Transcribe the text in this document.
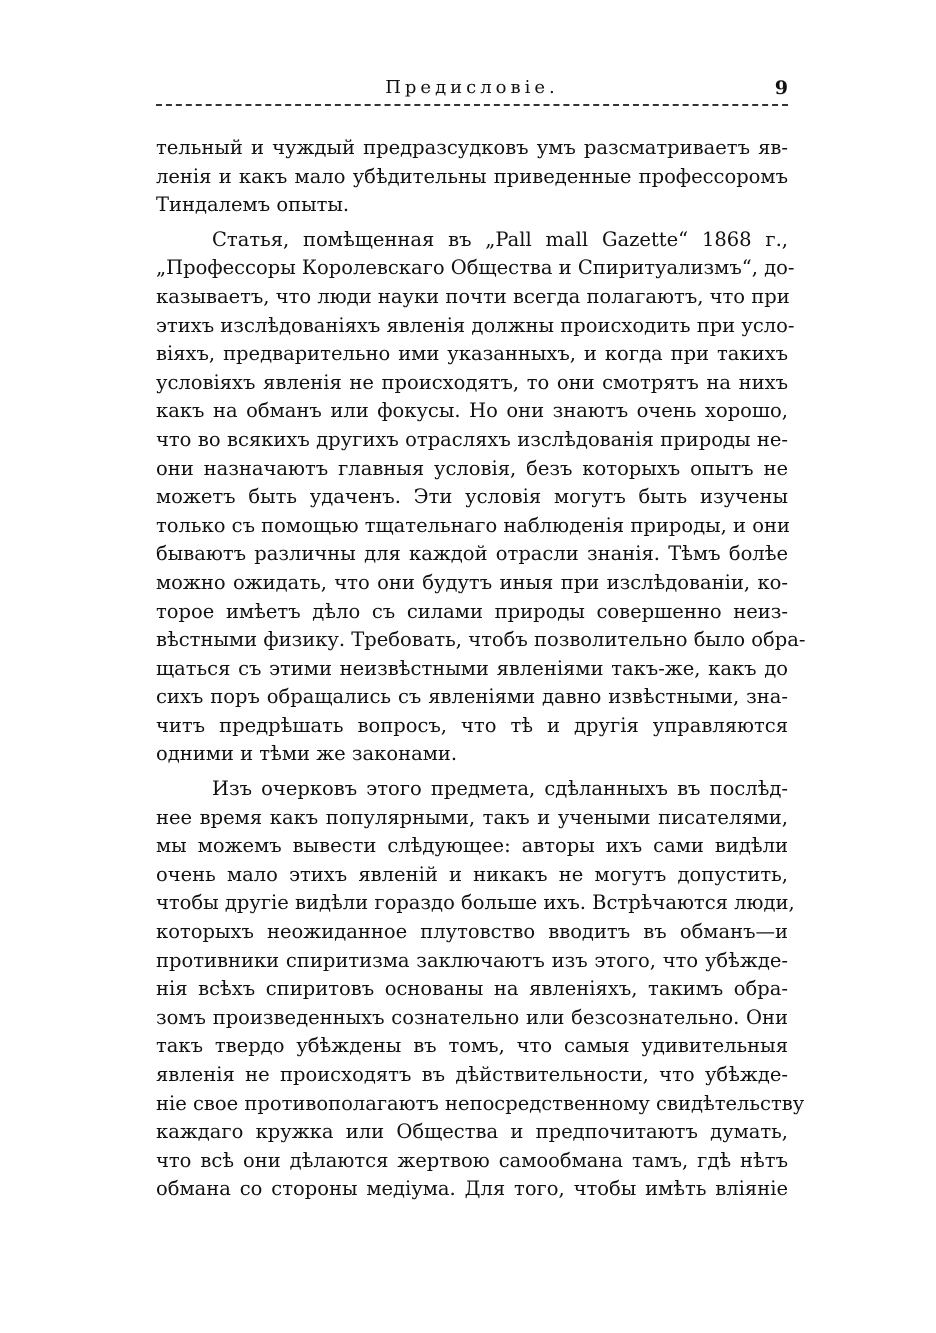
Предисловіе.	9
тельный и чуждый предразсудковъ умъ разсматриваетъ яв-
ленія и какъ мало убѣдительны приведенные профессоромъ
Тиндалемъ опыты.
Статья, помѣщенная въ „Pall mall Gazette“ 1868 г.,
„Профессоры Королевскаго Общества и Спиритуализмъ“, до-
казываетъ, что люди науки почти всегда полагаютъ, что при
этихъ изслѣдованіяхъ явленія должны происходить при усло-
віяхъ, предварительно ими указанныхъ, и когда при такихъ
условіяхъ явленія не происходятъ, то они смотрятъ на нихъ
какъ на обманъ или фокусы. Но они знаютъ очень хорошо,
что во всякихъ другихъ отрасляхъ изслѣдованія природы не-
они назначаютъ главныя условія, безъ которыхъ опытъ не
можетъ быть удаченъ. Эти условія могутъ быть изучены
только съ помощью тщательнаго наблюденія природы, и они
бываютъ различны для каждой отрасли знанія. Тѣмъ болѣе
можно ожидать, что они будутъ иныя при изслѣдованіи, ко-
торое имѣетъ дѣло съ силами природы совершенно неиз-
вѣстными физику. Требовать, чтобъ позволительно было обра-
щаться съ этими неизвѣстными явленіями такъ-же, какъ до
сихъ поръ обращались съ явленіями давно извѣстными, зна-
читъ предрѣшать вопросъ, что тѣ и другія управляются
одними и тѣми же законами.
Изъ очерковъ этого предмета, сдѣланныхъ въ послѣд-
нее время какъ популярными, такъ и учеными писателями,
мы можемъ вывести слѣдующее: авторы ихъ сами видѣли
очень мало этихъ явленій и никакъ не могутъ допустить,
чтобы другіе видѣли гораздо больше ихъ. Встрѣчаются люди,
которыхъ неожиданное плутовство вводитъ въ обманъ—и
противники спиритизма заключаютъ изъ этого, что убѣжде-
нія всѣхъ спиритовъ основаны на явленіяхъ, такимъ обра-
зомъ произведенныхъ сознательно или безсознательно. Они
такъ твердо убѣждены въ томъ, что самыя удивительныя
явленія не происходятъ въ дѣйствительности, что убѣжде-
ніе свое противополагаютъ непосредственному свидѣтельству
каждаго кружка или Общества и предпочитаютъ думать,
что всѣ они дѣлаются жертвою самообмана тамъ, гдѣ нѣтъ
обмана со стороны медіума. Для того, чтобы имѣть вліяніе
